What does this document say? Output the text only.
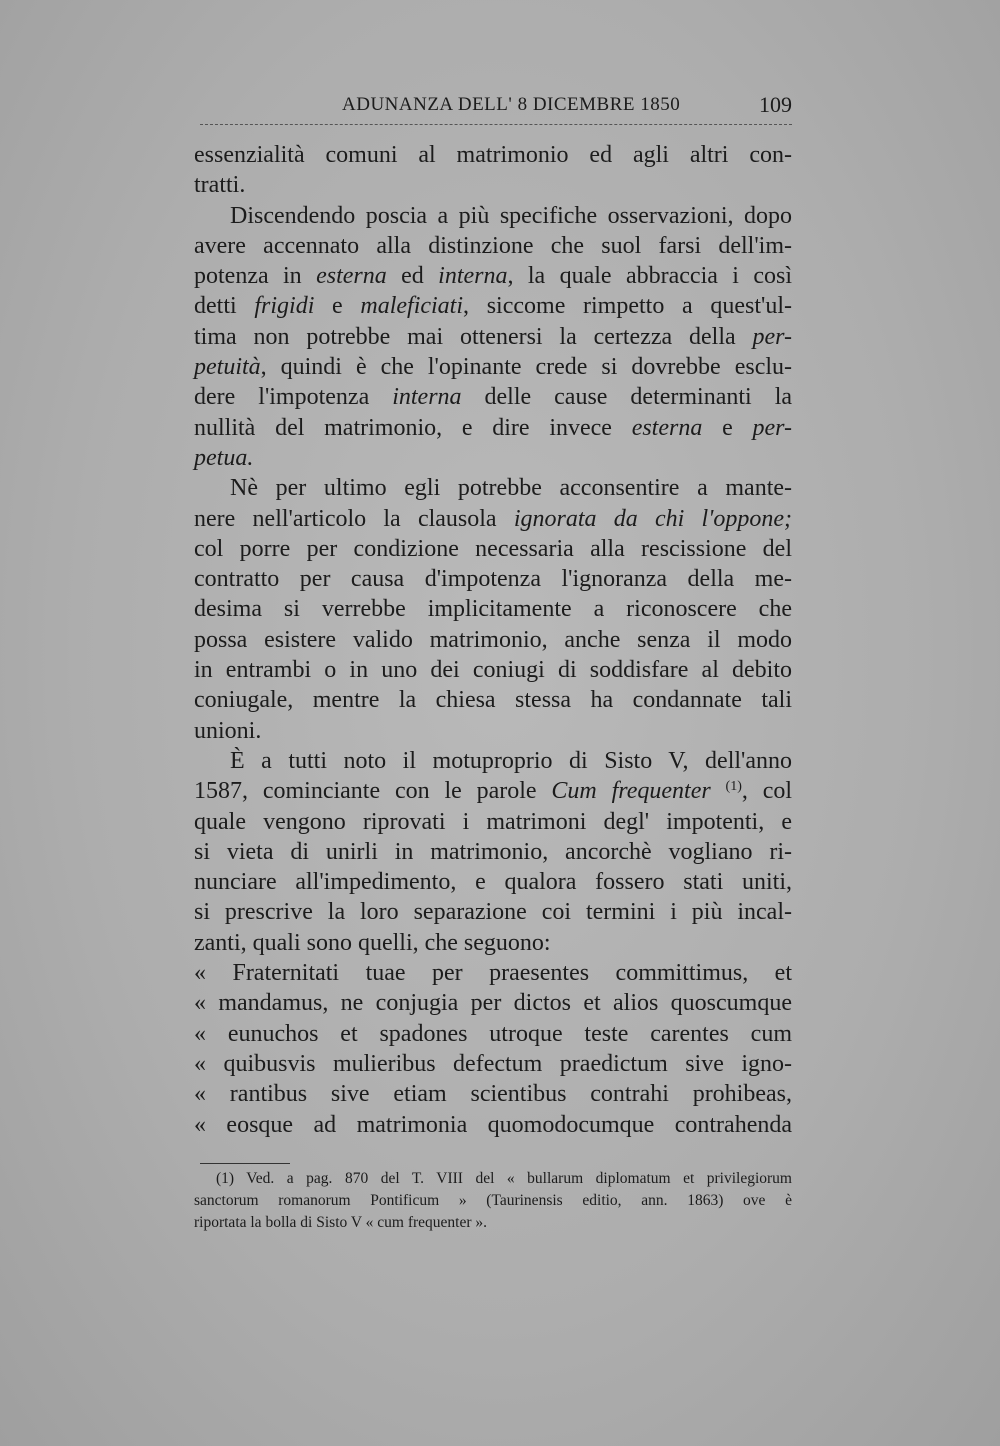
ADUNANZA DELL' 8 DICEMBRE 1850	109
essenzialità comuni al matrimonio ed agli altri con-
tratti.
Discendendo poscia a più specifiche osservazioni, dopo
avere accennato alla distinzione che suol farsi dell'im-
potenza in esterna ed interna, la quale abbraccia i così
detti frigidi e maleficiati, siccome rimpetto a quest'ul-
tima non potrebbe mai ottenersi la certezza della per-
petuità, quindi è che l'opinante crede si dovrebbe esclu-
dere l'impotenza interna delle cause determinanti la
nullità del matrimonio, e dire invece esterna e per-
petua.
Nè per ultimo egli potrebbe acconsentire a mante-
nere nell'articolo la clausola ignorata da chi l'oppone;
col porre per condizione necessaria alla rescissione del
contratto per causa d'impotenza l'ignoranza della me-
desima si verrebbe implicitamente a riconoscere che
possa esistere valido matrimonio, anche senza il modo
in entrambi o in uno dei coniugi di soddisfare al debito
coniugale, mentre la chiesa stessa ha condannate tali
unioni.
È a tutti noto il motuproprio di Sisto V, dell'anno
1587, cominciante con le parole Cum frequenter $^{(1)}$, col
quale vengono riprovati i matrimoni degl' impotenti, e
si vieta di unirli in matrimonio, ancorchè vogliano ri-
nunciare all'impedimento, e qualora fossero stati uniti,
si prescrive la loro separazione coi termini i più incal-
zanti, quali sono quelli, che seguono:
« Fraternitati tuae per praesentes committimus, et
« mandamus, ne conjugia per dictos et alios quoscumque
« eunuchos et spadones utroque teste carentes cum
« quibusvis mulieribus defectum praedictum sive igno-
« rantibus sive etiam scientibus contrahi prohibeas,
« eosque ad matrimonia quomodocumque contrahenda
(1) Ved. a pag. 870 del T. VIII del « bullarum diplomatum et privilegiorum
sanctorum romanorum Pontificum » (Taurinensis editio, ann. 1863) ove è
riportata la bolla di Sisto V « cum frequenter ».
